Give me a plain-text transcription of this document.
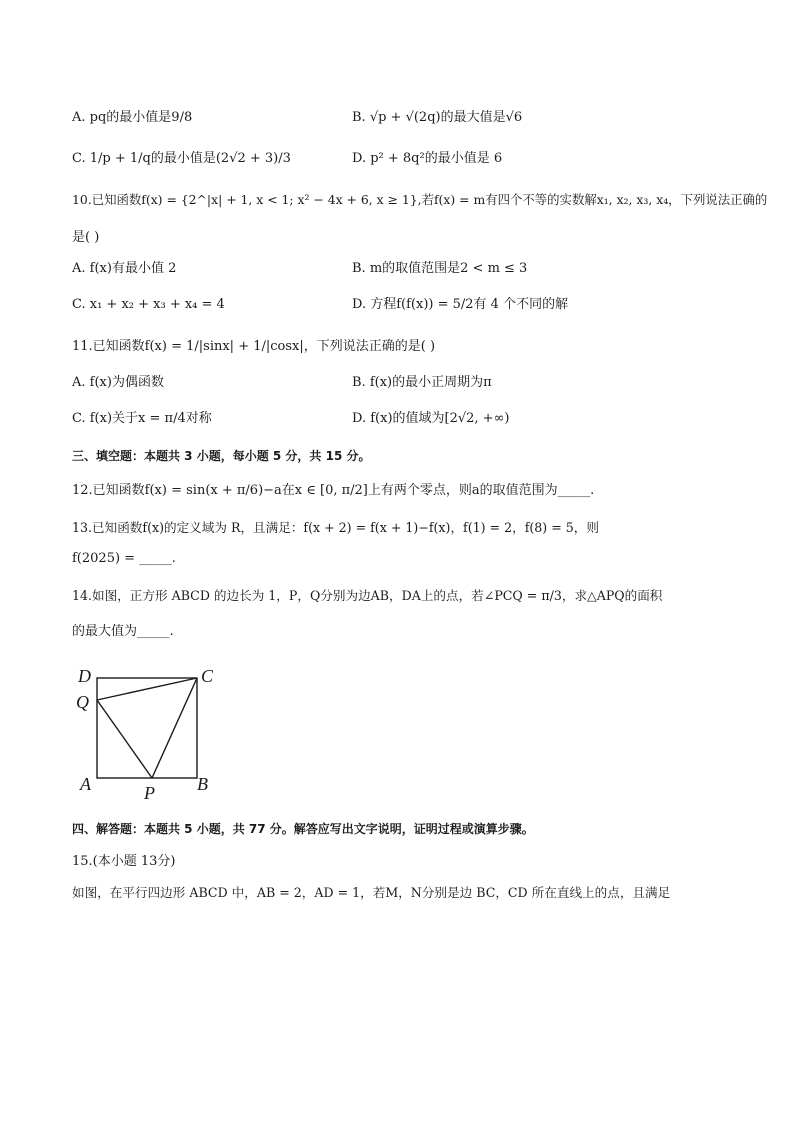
A. pq的最小值是9/8	B. √p + √(2q)的最大值是√6
C. 1/p + 1/q的最小值是(2√2 + 3)/3	D. p² + 8q²的最小值是 6
10.已知函数f(x) = {2^|x| + 1, x < 1; x² − 4x + 6, x ≥ 1},若f(x) = m有四个不等的实数解x₁, x₂, x₃, x₄，下列说法正确的
是( )
A. f(x)有最小值 2	B. m的取值范围是2 < m ≤ 3
C. x₁ + x₂ + x₃ + x₄ = 4	D. 方程f(f(x)) = 5/2有 4 个不同的解
11.已知函数f(x) = 1/|sinx| + 1/|cosx|，下列说法正确的是( )
A. f(x)为偶函数	B. f(x)的最小正周期为π
C. f(x)关于x = π/4对称	D. f(x)的值域为[2√2, +∞)
三、填空题：本题共 3 小题，每小题 5 分，共 15 分。
12.已知函数f(x) = sin(x + π/6)−a在x ∈ [0, π/2]上有两个零点，则a的取值范围为_____.
13.已知函数f(x)的定义域为 R，且满足：f(x + 2) = f(x + 1)−f(x)，f(1) = 2，f(8) = 5，则
f(2025) = _____.
14.如图，正方形 ABCD 的边长为 1，P，Q分别为边AB，DA上的点，若∠PCQ = π/3，求△APQ的面积
的最大值为_____.
D	C
Q
A	P B
四、解答题：本题共 5 小题，共 77 分。解答应写出文字说明，证明过程或演算步骤。
15.(本小题 13分)
如图，在平行四边形 ABCD 中，AB = 2，AD = 1，若M，N分别是边 BC，CD 所在直线上的点，且满足
